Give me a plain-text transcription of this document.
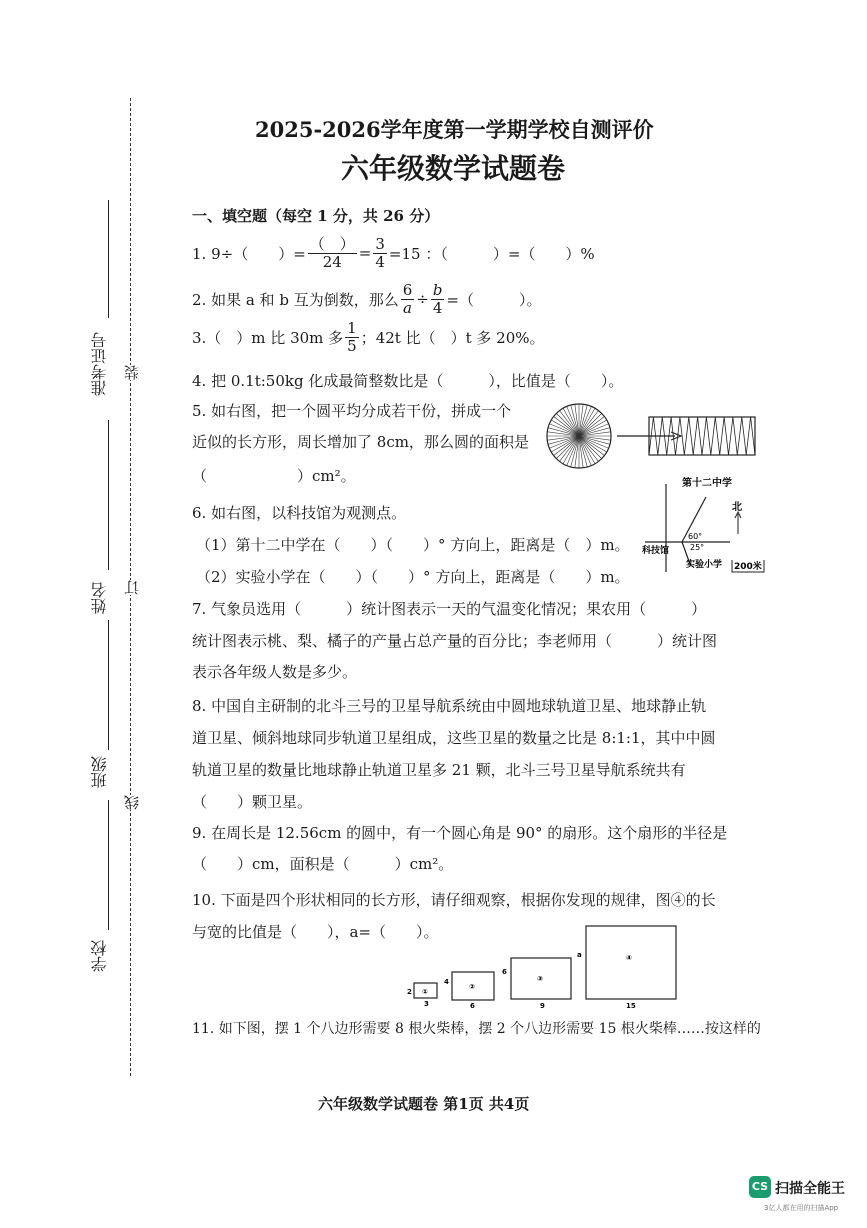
准考证号
姓名
班级
学校
装
订
线
2025-2026学年度第一学期学校自测评价
六年级数学试题卷
一、填空题（每空 1 分，共 26 分）
1. 9÷（　　）= $\frac{( )}{24} = \frac{3}{4} =15$ ：（　　　）=（　　）%
2. 如果 a 和 b 互为倒数，那么 $\frac{6}{a} \div \frac{b}{4}$ =（　　　）。
3.（　）m 比 30m 多 $\frac{1}{5}$ ；42t 比（　）t 多 20%。
4. 把 0.1t:50kg 化成最简整数比是（　　　），比值是（　　）。
5. 如右图，把一个圆平均分成若干份，拼成一个
近似的长方形，周长增加了 8cm，那么圆的面积是
（　　　　　　）cm²。
6. 如右图，以科技馆为观测点。
（1）第十二中学在（　　）（　　）° 方向上，距离是（　）m。
（2）实验小学在（　　）（　　）° 方向上，距离是（　　）m。
第十二中学
北
60°
25°
科技馆
实验小学 200米
7. 气象员选用（　　　）统计图表示一天的气温变化情况；果农用（　　　）
统计图表示桃、梨、橘子的产量占总产量的百分比；李老师用（　　　）统计图
表示各年级人数是多少。
8. 中国自主研制的北斗三号的卫星导航系统由中圆地球轨道卫星、地球静止轨
道卫星、倾斜地球同步轨道卫星组成，这些卫星的数量之比是 8:1:1，其中中圆
轨道卫星的数量比地球静止轨道卫星多 21 颗，北斗三号卫星导航系统共有
（　　）颗卫星。
9. 在周长是 12.56cm 的圆中，有一个圆心角是 90° 的扇形。这个扇形的半径是
（　　）cm，面积是（　　　）cm²。
10. 下面是四个形状相同的长方形，请仔细观察，根据你发现的规律，图④的长
与宽的比值是（　　），a=（　　）。
①
2
3
②
4
6
③
6
9
④
a
15
11. 如下图，摆 1 个八边形需要 8 根火柴棒，摆 2 个八边形需要 15 根火柴棒……按这样的
六年级数学试题卷 第1页 共4页
CS 扫描全能王
3亿人都在用的扫描App
